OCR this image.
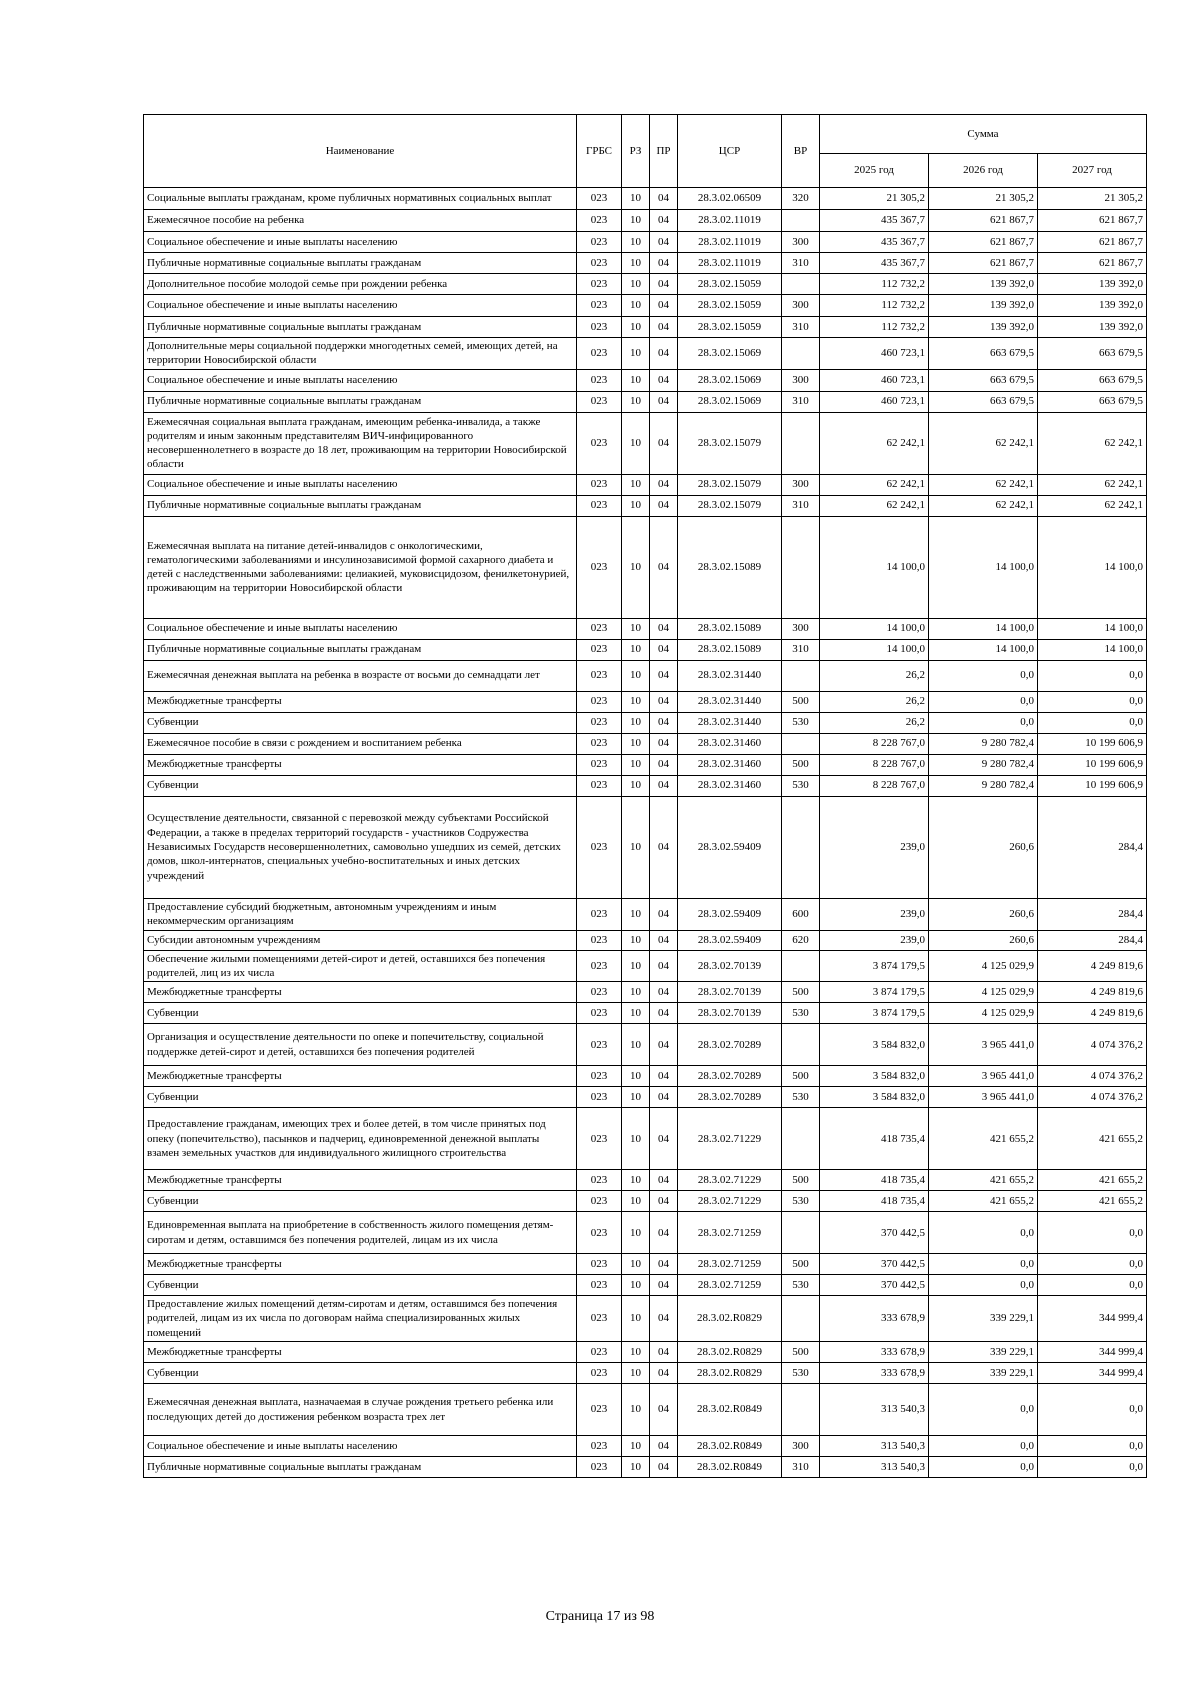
Наименование	ГРБС	РЗ	ПР	ЦСР	ВР	Сумма		
						2025 год	2026 год	2027 год
Социальные выплаты гражданам, кроме публичных нормативных социальных выплат	023	10	04	28.3.02.06509	320	21 305,2	21 305,2	21 305,2
Ежемесячное пособие на ребенка	023	10	04	28.3.02.11019		435 367,7	621 867,7	621 867,7
Социальное обеспечение и иные выплаты населению	023	10	04	28.3.02.11019	300	435 367,7	621 867,7	621 867,7
Публичные нормативные социальные выплаты гражданам	023	10	04	28.3.02.11019	310	435 367,7	621 867,7	621 867,7
Дополнительное пособие молодой семье при рождении ребенка	023	10	04	28.3.02.15059		112 732,2	139 392,0	139 392,0
Социальное обеспечение и иные выплаты населению	023	10	04	28.3.02.15059	300	112 732,2	139 392,0	139 392,0
Публичные нормативные социальные выплаты гражданам	023	10	04	28.3.02.15059	310	112 732,2	139 392,0	139 392,0
Дополнительные меры социальной поддержки многодетных семей, имеющих детей, на территории Новосибирской области	023	10	04	28.3.02.15069		460 723,1	663 679,5	663 679,5
Социальное обеспечение и иные выплаты населению	023	10	04	28.3.02.15069	300	460 723,1	663 679,5	663 679,5
Публичные нормативные социальные выплаты гражданам	023	10	04	28.3.02.15069	310	460 723,1	663 679,5	663 679,5
Ежемесячная социальная выплата гражданам, имеющим ребенка-инвалида, а также родителям и иным законным представителям ВИЧ-инфицированного несовершеннолетнего в возрасте до 18 лет, проживающим на территории Новосибирской области	023	10	04	28.3.02.15079		62 242,1	62 242,1	62 242,1
Социальное обеспечение и иные выплаты населению	023	10	04	28.3.02.15079	300	62 242,1	62 242,1	62 242,1
Публичные нормативные социальные выплаты гражданам	023	10	04	28.3.02.15079	310	62 242,1	62 242,1	62 242,1
Ежемесячная выплата на питание детей-инвалидов с онкологическими, гематологическими заболеваниями и инсулинозависимой формой сахарного диабета и детей с наследственными заболеваниями: целиакией, муковисцидозом, фенилкетонурией, проживающим на территории Новосибирской области	023	10	04	28.3.02.15089		14 100,0	14 100,0	14 100,0
Социальное обеспечение и иные выплаты населению	023	10	04	28.3.02.15089	300	14 100,0	14 100,0	14 100,0
Публичные нормативные социальные выплаты гражданам	023	10	04	28.3.02.15089	310	14 100,0	14 100,0	14 100,0
Ежемесячная денежная выплата на ребенка в возрасте от восьми до семнадцати лет	023	10	04	28.3.02.31440		26,2	0,0	0,0
Межбюджетные трансферты	023	10	04	28.3.02.31440	500	26,2	0,0	0,0
Субвенции	023	10	04	28.3.02.31440	530	26,2	0,0	0,0
Ежемесячное пособие в связи с рождением и воспитанием ребенка	023	10	04	28.3.02.31460		8 228 767,0	9 280 782,4	10 199 606,9
Межбюджетные трансферты	023	10	04	28.3.02.31460	500	8 228 767,0	9 280 782,4	10 199 606,9
Субвенции	023	10	04	28.3.02.31460	530	8 228 767,0	9 280 782,4	10 199 606,9
Осуществление деятельности, связанной с перевозкой между субъектами Российской Федерации, а также в пределах территорий государств - участников Содружества Независимых Государств несовершеннолетних, самовольно ушедших из семей, детских домов, школ-интернатов, специальных учебно-воспитательных и иных детских учреждений	023	10	04	28.3.02.59409		239,0	260,6	284,4
Предоставление субсидий бюджетным, автономным учреждениям и иным некоммерческим организациям	023	10	04	28.3.02.59409	600	239,0	260,6	284,4
Субсидии автономным учреждениям	023	10	04	28.3.02.59409	620	239,0	260,6	284,4
Обеспечение жилыми помещениями детей-сирот и детей, оставшихся без попечения родителей, лиц из их числа	023	10	04	28.3.02.70139		3 874 179,5	4 125 029,9	4 249 819,6
Межбюджетные трансферты	023	10	04	28.3.02.70139	500	3 874 179,5	4 125 029,9	4 249 819,6
Субвенции	023	10	04	28.3.02.70139	530	3 874 179,5	4 125 029,9	4 249 819,6
Организация и осуществление деятельности по опеке и попечительству, социальной поддержке детей-сирот и детей, оставшихся без попечения родителей	023	10	04	28.3.02.70289		3 584 832,0	3 965 441,0	4 074 376,2
Межбюджетные трансферты	023	10	04	28.3.02.70289	500	3 584 832,0	3 965 441,0	4 074 376,2
Субвенции	023	10	04	28.3.02.70289	530	3 584 832,0	3 965 441,0	4 074 376,2
Предоставление гражданам, имеющих трех и более детей, в том числе принятых под опеку (попечительство), пасынков и падчериц, единовременной денежной выплаты взамен земельных участков для индивидуального жилищного строительства	023	10	04	28.3.02.71229		418 735,4	421 655,2	421 655,2
Межбюджетные трансферты	023	10	04	28.3.02.71229	500	418 735,4	421 655,2	421 655,2
Субвенции	023	10	04	28.3.02.71229	530	418 735,4	421 655,2	421 655,2
Единовременная выплата на приобретение в собственность жилого помещения детям-сиротам и детям, оставшимся без попечения родителей, лицам из их числа	023	10	04	28.3.02.71259		370 442,5	0,0	0,0
Межбюджетные трансферты	023	10	04	28.3.02.71259	500	370 442,5	0,0	0,0
Субвенции	023	10	04	28.3.02.71259	530	370 442,5	0,0	0,0
Предоставление жилых помещений детям-сиротам и детям, оставшимся без попечения родителей, лицам из их числа по договорам найма специализированных жилых помещений	023	10	04	28.3.02.R0829		333 678,9	339 229,1	344 999,4
Межбюджетные трансферты	023	10	04	28.3.02.R0829	500	333 678,9	339 229,1	344 999,4
Субвенции	023	10	04	28.3.02.R0829	530	333 678,9	339 229,1	344 999,4
Ежемесячная денежная выплата, назначаемая в случае рождения третьего ребенка или последующих детей до достижения ребенком возраста трех лет	023	10	04	28.3.02.R0849		313 540,3	0,0	0,0
Социальное обеспечение и иные выплаты населению	023	10	04	28.3.02.R0849	300	313 540,3	0,0	0,0
Публичные нормативные социальные выплаты гражданам	023	10	04	28.3.02.R0849	310	313 540,3	0,0	0,0
Страница 17 из 98
